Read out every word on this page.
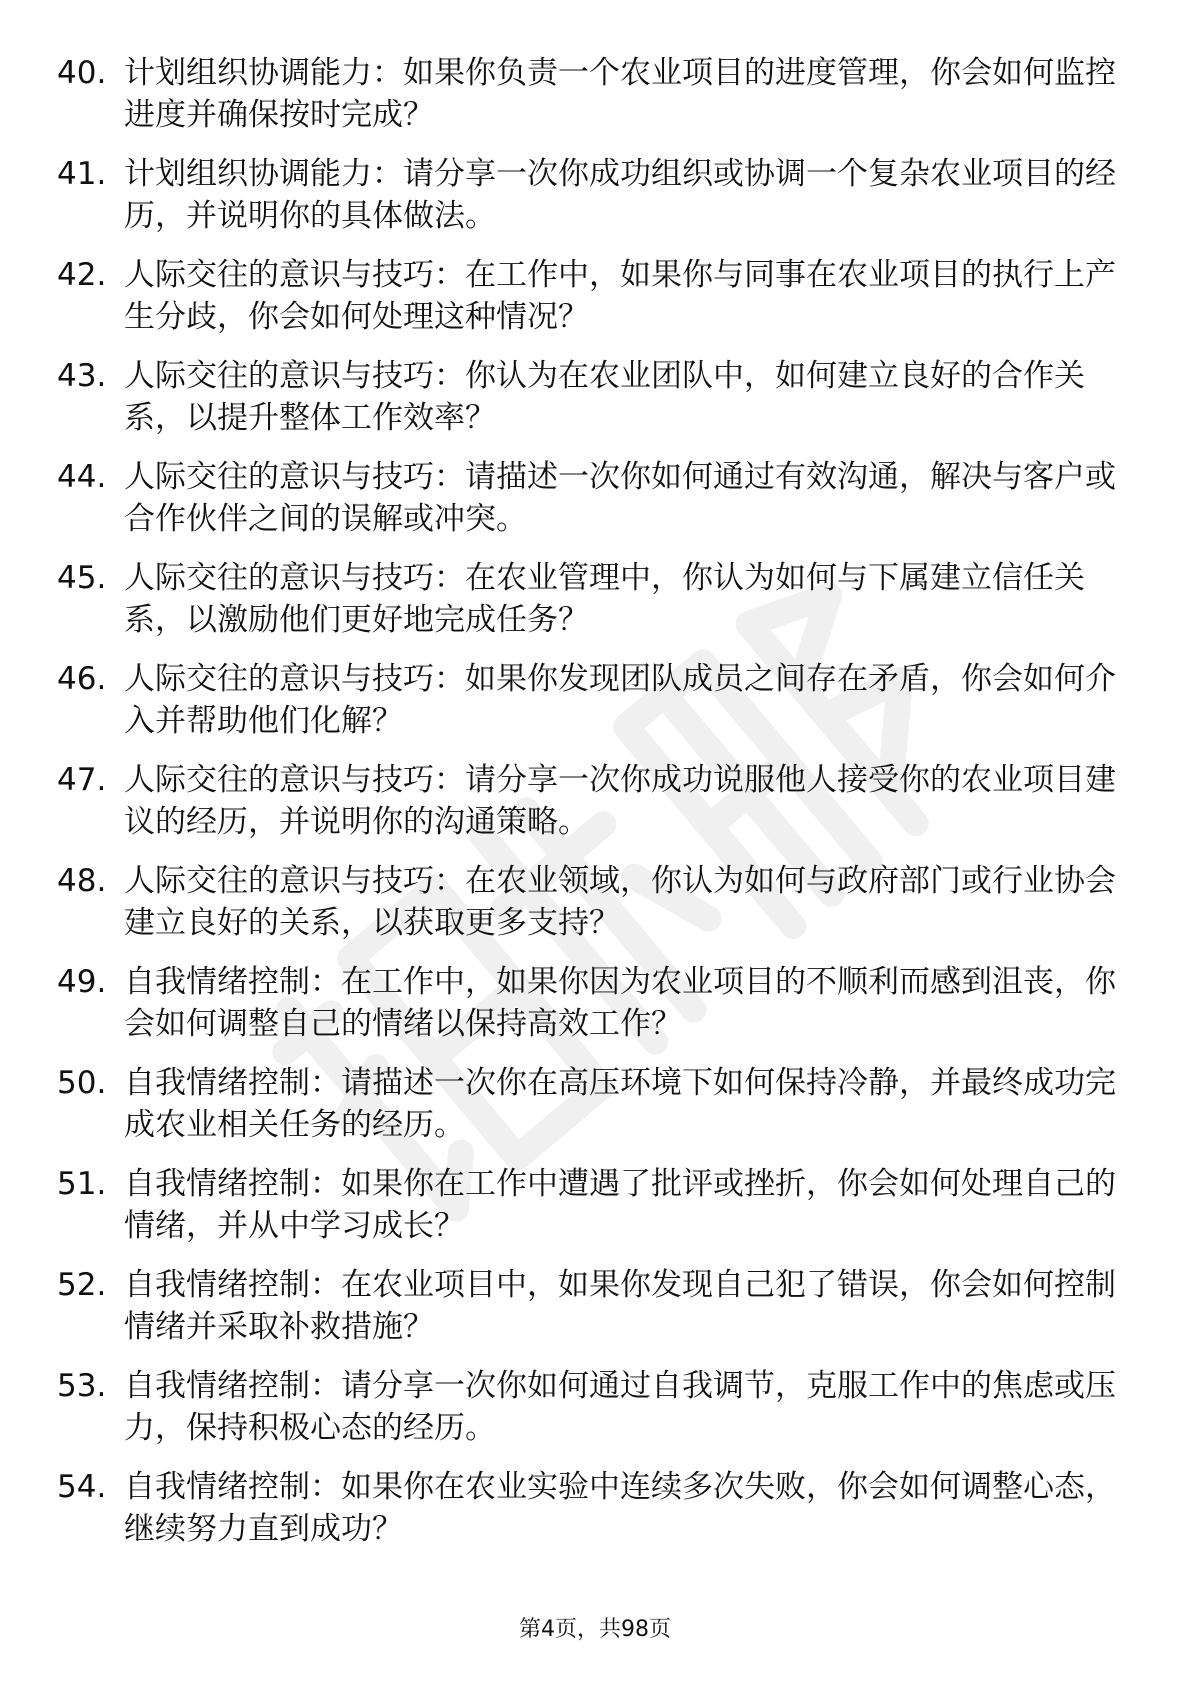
40. 计划组织协调能力：如果你负责一个农业项目的进度管理，你会如何监控进度并确保按时完成？
41. 计划组织协调能力：请分享一次你成功组织或协调一个复杂农业项目的经历，并说明你的具体做法。
42. 人际交往的意识与技巧：在工作中，如果你与同事在农业项目的执行上产生分歧，你会如何处理这种情况？
43. 人际交往的意识与技巧：你认为在农业团队中，如何建立良好的合作关系，以提升整体工作效率？
44. 人际交往的意识与技巧：请描述一次你如何通过有效沟通，解决与客户或合作伙伴之间的误解或冲突。
45. 人际交往的意识与技巧：在农业管理中，你认为如何与下属建立信任关系，以激励他们更好地完成任务？
46. 人际交往的意识与技巧：如果你发现团队成员之间存在矛盾，你会如何介入并帮助他们化解？
47. 人际交往的意识与技巧：请分享一次你成功说服他人接受你的农业项目建议的经历，并说明你的沟通策略。
48. 人际交往的意识与技巧：在农业领域，你认为如何与政府部门或行业协会建立良好的关系，以获取更多支持？
49. 自我情绪控制：在工作中，如果你因为农业项目的不顺利而感到沮丧，你会如何调整自己的情绪以保持高效工作？
50. 自我情绪控制：请描述一次你在高压环境下如何保持冷静，并最终成功完成农业相关任务的经历。
51. 自我情绪控制：如果你在工作中遭遇了批评或挫折，你会如何处理自己的情绪，并从中学习成长？
52. 自我情绪控制：在农业项目中，如果你发现自己犯了错误，你会如何控制情绪并采取补救措施？
53. 自我情绪控制：请分享一次你如何通过自我调节，克服工作中的焦虑或压力，保持积极心态的经历。
54. 自我情绪控制：如果你在农业实验中连续多次失败，你会如何调整心态，继续努力直到成功？
第4页，共98页
